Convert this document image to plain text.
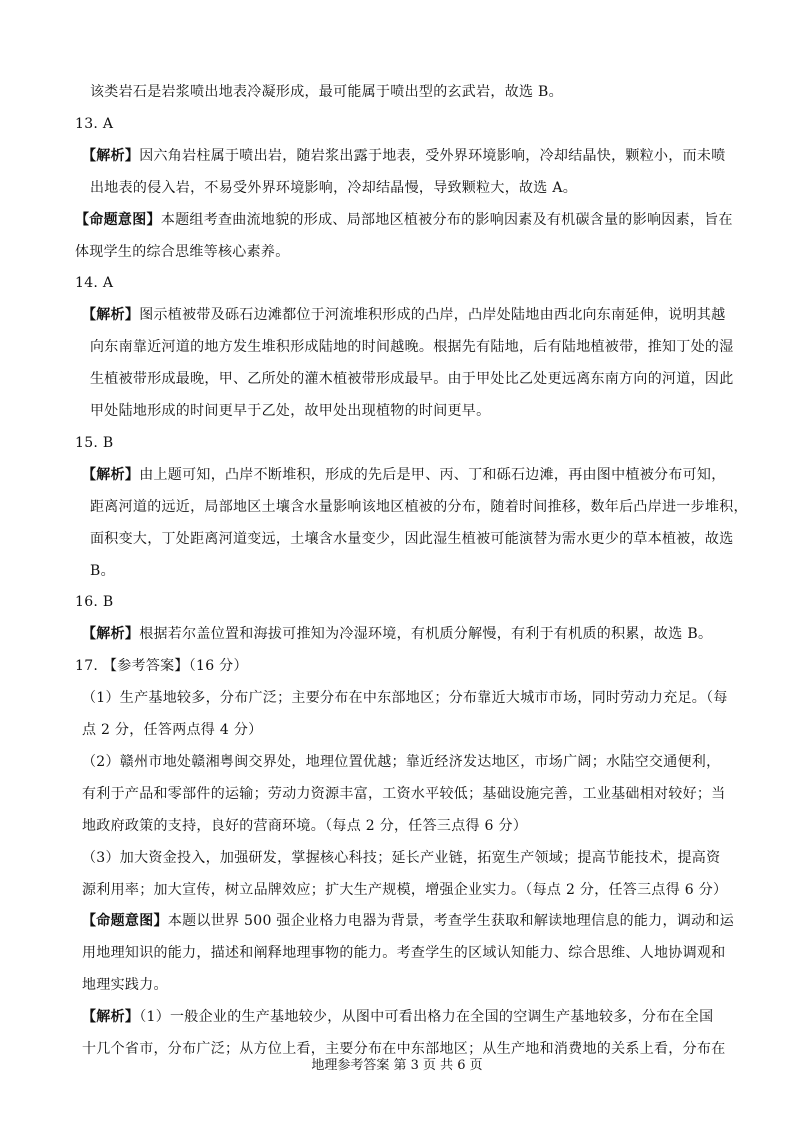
该类岩石是岩浆喷出地表冷凝形成，最可能属于喷出型的玄武岩，故选 B。
13. A
【解析】因六角岩柱属于喷出岩，随岩浆出露于地表，受外界环境影响，冷却结晶快，颗粒小，而未喷
出地表的侵入岩，不易受外界环境影响，冷却结晶慢，导致颗粒大，故选 A。
【命题意图】本题组考查曲流地貌的形成、局部地区植被分布的影响因素及有机碳含量的影响因素，旨在
体现学生的综合思维等核心素养。
14. A
【解析】图示植被带及砾石边滩都位于河流堆积形成的凸岸，凸岸处陆地由西北向东南延伸，说明其越
向东南靠近河道的地方发生堆积形成陆地的时间越晚。根据先有陆地，后有陆地植被带，推知丁处的湿
生植被带形成最晚，甲、乙所处的灌木植被带形成最早。由于甲处比乙处更远离东南方向的河道，因此
甲处陆地形成的时间更早于乙处，故甲处出现植物的时间更早。
15. B
【解析】由上题可知，凸岸不断堆积，形成的先后是甲、丙、丁和砾石边滩，再由图中植被分布可知，
距离河道的远近，局部地区土壤含水量影响该地区植被的分布，随着时间推移，数年后凸岸进一步堆积，
面积变大，丁处距离河道变远，土壤含水量变少，因此湿生植被可能演替为需水更少的草本植被，故选
B。
16. B
【解析】根据若尔盖位置和海拔可推知为冷湿环境，有机质分解慢，有利于有机质的积累，故选 B。
17. 【参考答案】（16 分）
（1）生产基地较多，分布广泛；主要分布在中东部地区；分布靠近大城市市场，同时劳动力充足。（每
点 2 分，任答两点得 4 分）
（2）赣州市地处赣湘粤闽交界处，地理位置优越；靠近经济发达地区，市场广阔；水陆空交通便利，
有利于产品和零部件的运输；劳动力资源丰富，工资水平较低；基础设施完善，工业基础相对较好；当
地政府政策的支持，良好的营商环境。（每点 2 分，任答三点得 6 分）
（3）加大资金投入，加强研发，掌握核心科技；延长产业链，拓宽生产领域；提高节能技术，提高资
源利用率；加大宣传，树立品牌效应；扩大生产规模，增强企业实力。（每点 2 分，任答三点得 6 分）
【命题意图】本题以世界 500 强企业格力电器为背景，考查学生获取和解读地理信息的能力，调动和运
用地理知识的能力，描述和阐释地理事物的能力。考查学生的区域认知能力、综合思维、人地协调观和
地理实践力。
【解析】（1）一般企业的生产基地较少，从图中可看出格力在全国的空调生产基地较多，分布在全国
地理参考答案 第 3 页 共 6 页
十几个省市，分布广泛；从方位上看，主要分布在中东部地区；从生产地和消费地的关系上看，分布在
